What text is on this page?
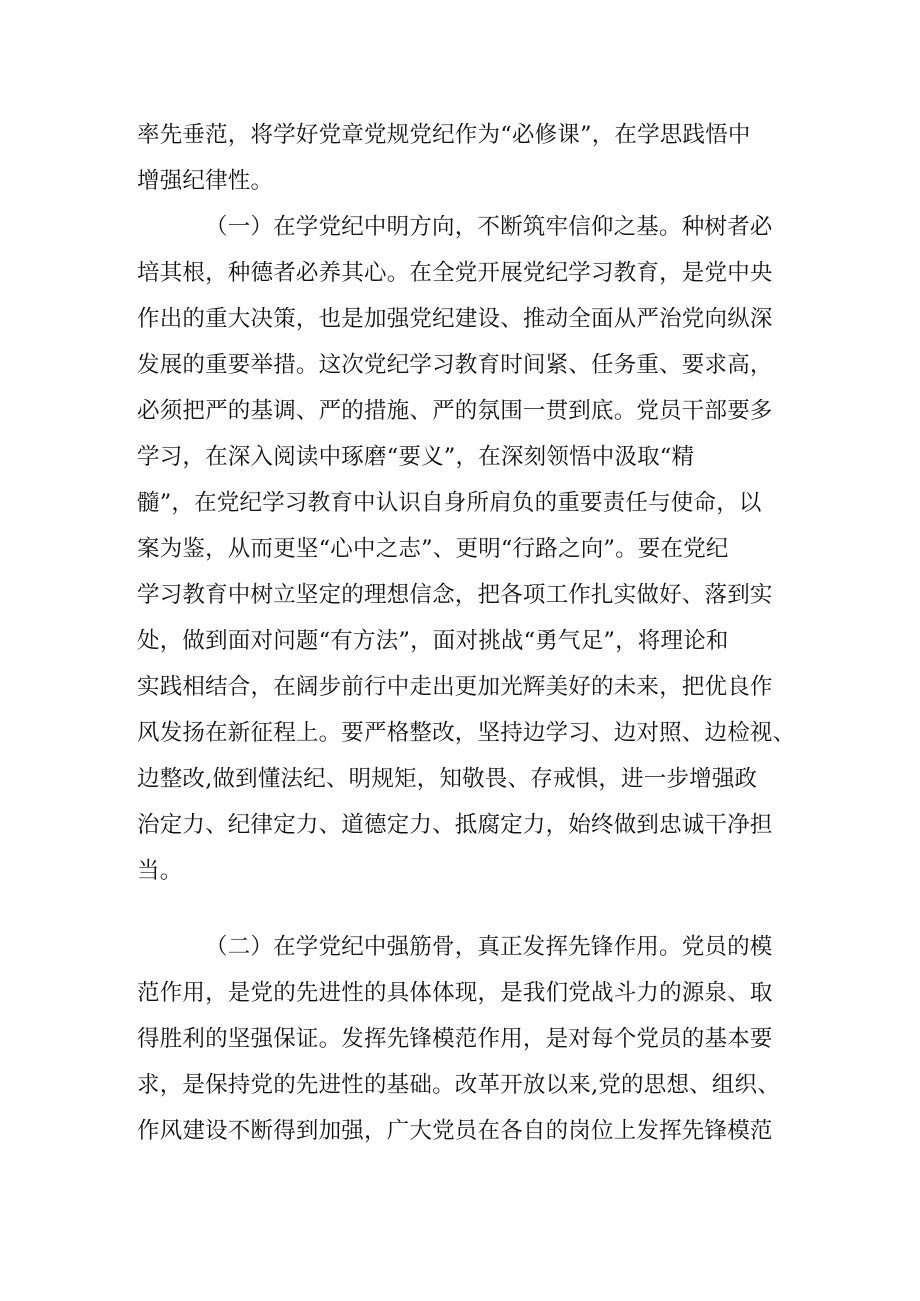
率先垂范，将学好党章党规党纪作为“必修课”，在学思践悟中
增强纪律性。
（一）在学党纪中明方向，不断筑牢信仰之基。种树者必
培其根，种德者必养其心。在全党开展党纪学习教育，是党中央
作出的重大决策，也是加强党纪建设、推动全面从严治党向纵深
发展的重要举措。这次党纪学习教育时间紧、任务重、要求高，
必须把严的基调、严的措施、严的氛围一贯到底。党员干部要多
学习，在深入阅读中琢磨“要义”，在深刻领悟中汲取“精
髓”，在党纪学习教育中认识自身所肩负的重要责任与使命，以
案为鉴，从而更坚“心中之志”、更明“行路之向”。要在党纪
学习教育中树立坚定的理想信念，把各项工作扎实做好、落到实
处，做到面对问题“有方法”，面对挑战“勇气足”，将理论和
实践相结合，在阔步前行中走出更加光辉美好的未来，把优良作
风发扬在新征程上。要严格整改，坚持边学习、边对照、边检视、
边整改,做到懂法纪、明规矩，知敬畏、存戒惧，进一步增强政
治定力、纪律定力、道德定力、抵腐定力，始终做到忠诚干净担
当。
（二）在学党纪中强筋骨，真正发挥先锋作用。党员的模
范作用，是党的先进性的具体体现，是我们党战斗力的源泉、取
得胜利的坚强保证。发挥先锋模范作用，是对每个党员的基本要
求，是保持党的先进性的基础。改革开放以来,党的思想、组织、
作风建设不断得到加强，广大党员在各自的岗位上发挥先锋模范
